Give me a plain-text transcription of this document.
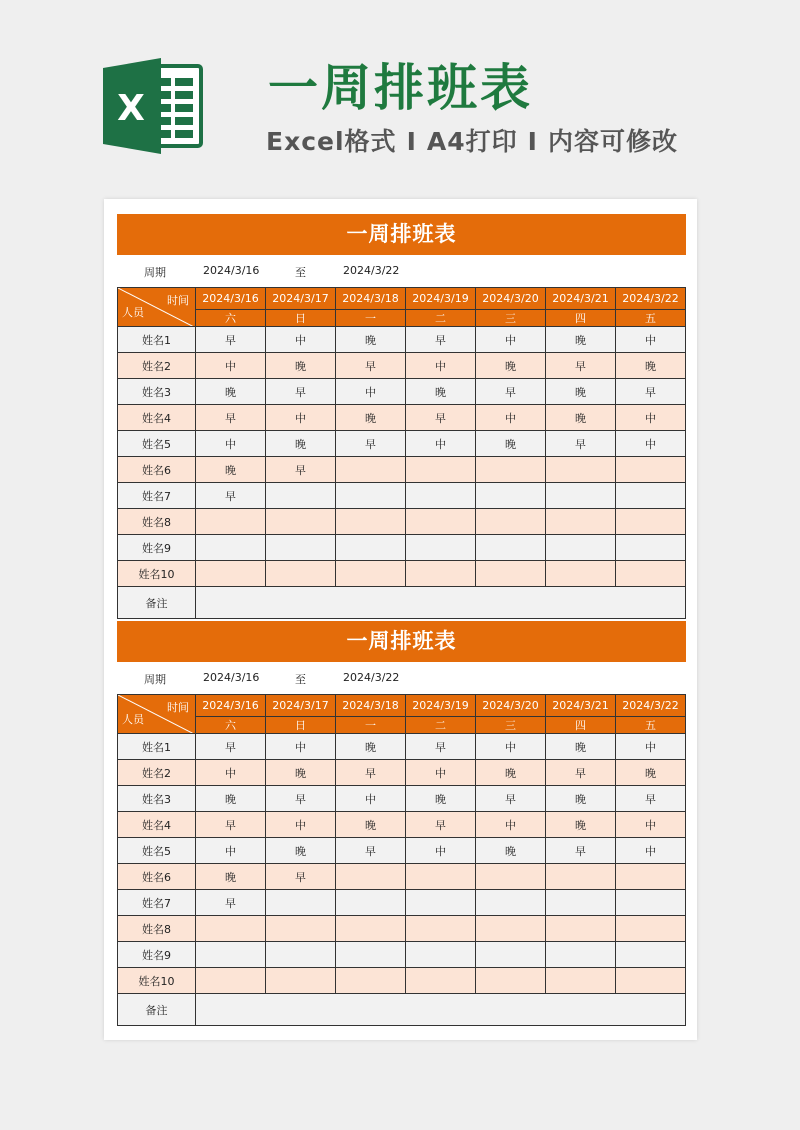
X 一周排班表
Excel格式 I A4打印 I 内容可修改
一周排班表
周期	2024/3/16	至	2024/3/22
时间
人员	2024/3/16	2024/3/17	2024/3/18	2024/3/19	2024/3/20	2024/3/21	2024/3/22
	六	日	一	二	三	四	五
姓名1	早	中	晚	早	中	晚	中
姓名2	中	晚	早	中	晚	早	晚
姓名3	晚	早	中	晚	早	晚	早
姓名4	早	中	晚	早	中	晚	中
姓名5	中	晚	早	中	晚	早	中
姓名6	晚	早					
姓名7	早						
姓名8							
姓名9							
姓名10							
备注							
一周排班表
周期	2024/3/16	至	2024/3/22
时间
人员	2024/3/16	2024/3/17	2024/3/18	2024/3/19	2024/3/20	2024/3/21	2024/3/22
	六	日	一	二	三	四	五
姓名1	早	中	晚	早	中	晚	中
姓名2	中	晚	早	中	晚	早	晚
姓名3	晚	早	中	晚	早	晚	早
姓名4	早	中	晚	早	中	晚	中
姓名5	中	晚	早	中	晚	早	中
姓名6	晚	早					
姓名7	早						
姓名8							
姓名9							
姓名10							
备注							
